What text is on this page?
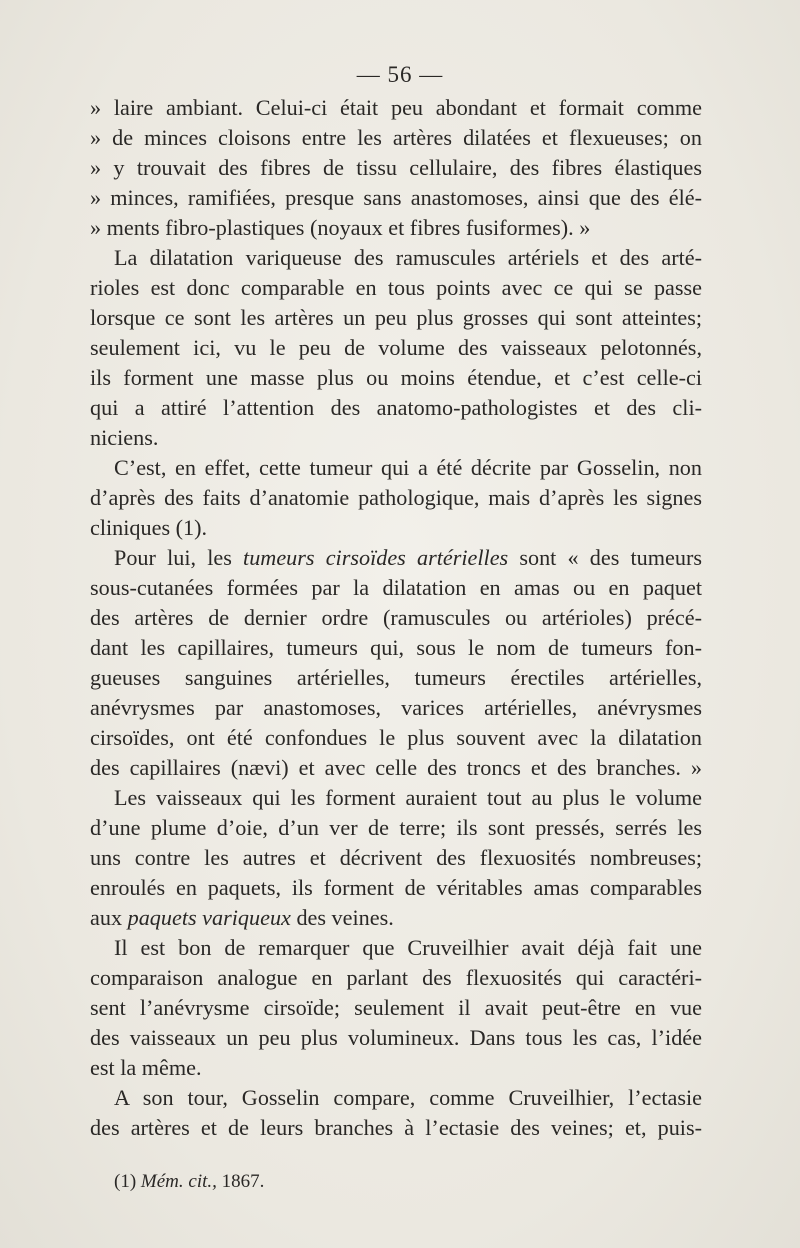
— 56 —
» laire ambiant. Celui-ci était peu abondant et formait comme
» de minces cloisons entre les artères dilatées et flexueuses; on
» y trouvait des fibres de tissu cellulaire, des fibres élastiques
» minces, ramifiées, presque sans anastomoses, ainsi que des élé-
» ments fibro-plastiques (noyaux et fibres fusiformes). »
La dilatation variqueuse des ramuscules artériels et des arté-
rioles est donc comparable en tous points avec ce qui se passe
lorsque ce sont les artères un peu plus grosses qui sont atteintes;
seulement ici, vu le peu de volume des vaisseaux pelotonnés,
ils forment une masse plus ou moins étendue, et c’est celle-ci
qui a attiré l’attention des anatomo-pathologistes et des cli-
niciens.
C’est, en effet, cette tumeur qui a été décrite par Gosselin, non
d’après des faits d’anatomie pathologique, mais d’après les signes
cliniques (1).
Pour lui, les tumeurs cirsoïdes artérielles sont « des tumeurs
sous-cutanées formées par la dilatation en amas ou en paquet
des artères de dernier ordre (ramuscules ou artérioles) précé-
dant les capillaires, tumeurs qui, sous le nom de tumeurs fon-
gueuses sanguines artérielles, tumeurs érectiles artérielles,
anévrysmes par anastomoses, varices artérielles, anévrysmes
cirsoïdes, ont été confondues le plus souvent avec la dilatation
des capillaires (nævi) et avec celle des troncs et des branches. »
Les vaisseaux qui les forment auraient tout au plus le volume
d’une plume d’oie, d’un ver de terre; ils sont pressés, serrés les
uns contre les autres et décrivent des flexuosités nombreuses;
enroulés en paquets, ils forment de véritables amas comparables
aux paquets variqueux des veines.
Il est bon de remarquer que Cruveilhier avait déjà fait une
comparaison analogue en parlant des flexuosités qui caractéri-
sent l’anévrysme cirsoïde; seulement il avait peut-être en vue
des vaisseaux un peu plus volumineux. Dans tous les cas, l’idée
est la même.
A son tour, Gosselin compare, comme Cruveilhier, l’ectasie
des artères et de leurs branches à l’ectasie des veines; et, puis-
(1) Mém. cit., 1867.
